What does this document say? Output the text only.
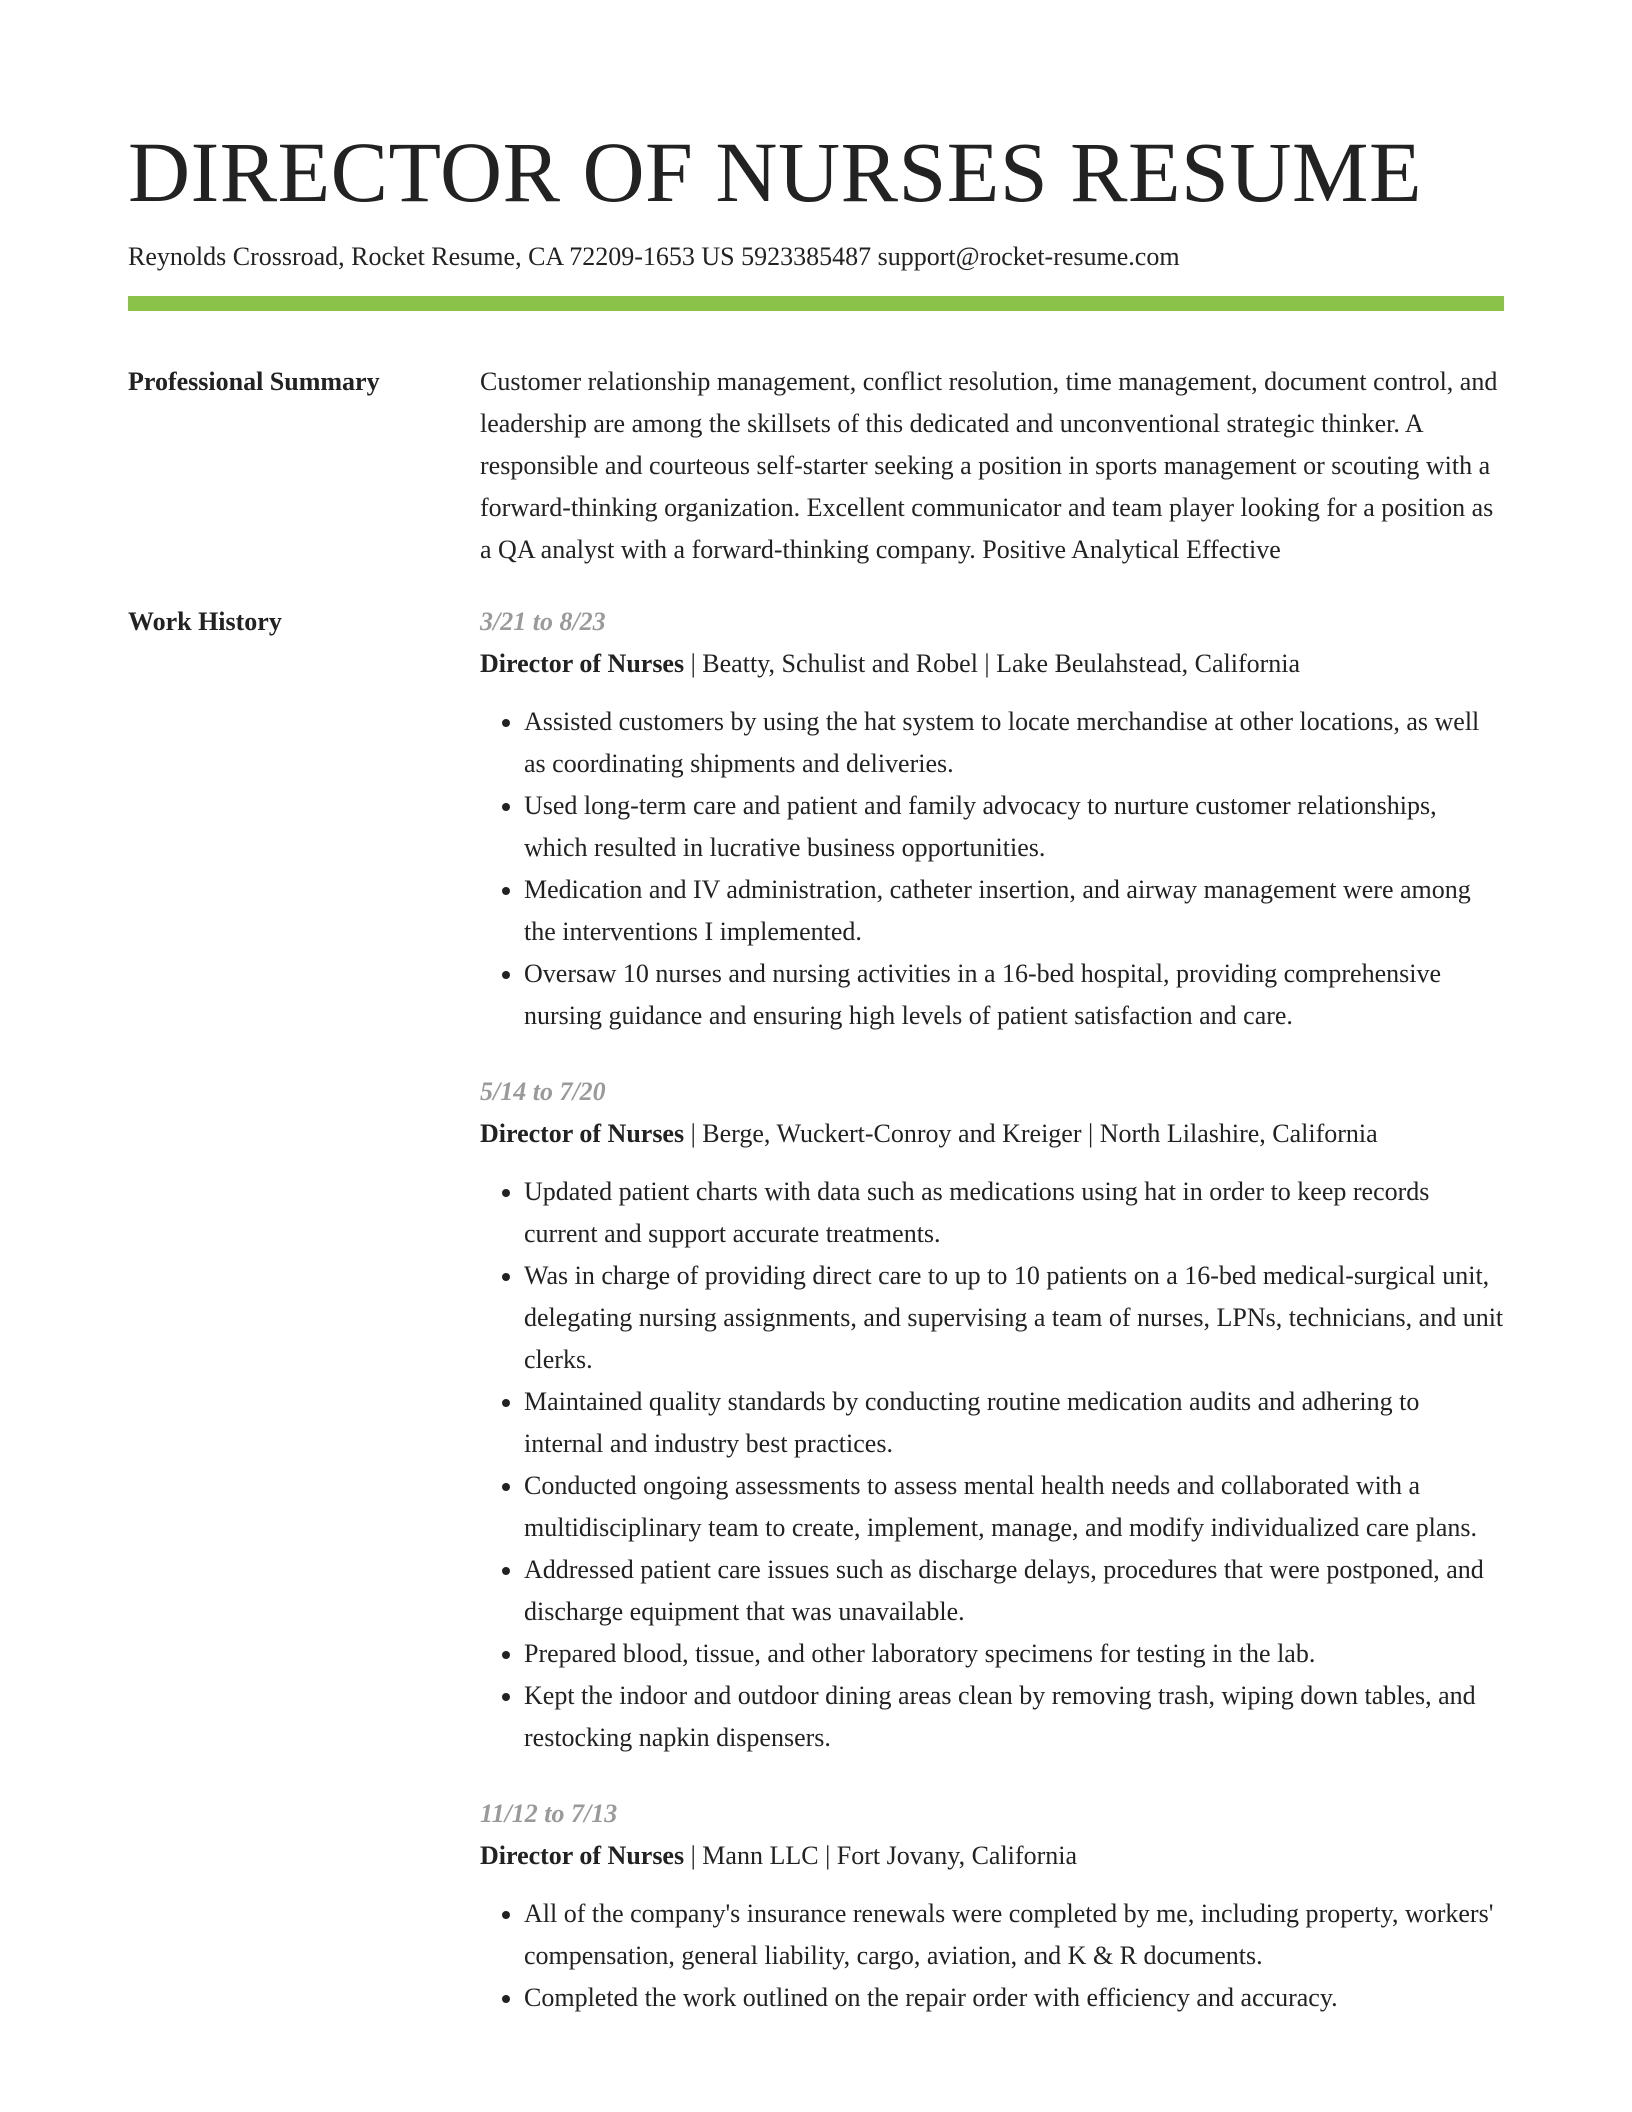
DIRECTOR OF NURSES RESUME
Reynolds Crossroad, Rocket Resume, CA 72209-1653 US 5923385487 support@rocket-resume.com
Professional Summary	Customer relationship management, conflict resolution, time management, document control, and leadership are among the skillsets of this dedicated and unconventional strategic thinker. A responsible and courteous self-starter seeking a position in sports management or scouting with a forward-thinking organization. Excellent communicator and team player looking for a position as a QA analyst with a forward-thinking company. Positive Analytical Effective

Work History	3/21 to 8/23
Director of Nurses | Beatty, Schulist and Robel | Lake Beulahstead, California
• Assisted customers by using the hat system to locate merchandise at other locations, as well as coordinating shipments and deliveries.
• Used long-term care and patient and family advocacy to nurture customer relationships, which resulted in lucrative business opportunities.
• Medication and IV administration, catheter insertion, and airway management were among the interventions I implemented.
• Oversaw 10 nurses and nursing activities in a 16-bed hospital, providing comprehensive nursing guidance and ensuring high levels of patient satisfaction and care.
5/14 to 7/20
Director of Nurses | Berge, Wuckert-Conroy and Kreiger | North Lilashire, California
• Updated patient charts with data such as medications using hat in order to keep records current and support accurate treatments.
• Was in charge of providing direct care to up to 10 patients on a 16-bed medical-surgical unit, delegating nursing assignments, and supervising a team of nurses, LPNs, technicians, and unit clerks.
• Maintained quality standards by conducting routine medication audits and adhering to internal and industry best practices.
• Conducted ongoing assessments to assess mental health needs and collaborated with a multidisciplinary team to create, implement, manage, and modify individualized care plans.
• Addressed patient care issues such as discharge delays, procedures that were postponed, and discharge equipment that was unavailable.
• Prepared blood, tissue, and other laboratory specimens for testing in the lab.
• Kept the indoor and outdoor dining areas clean by removing trash, wiping down tables, and restocking napkin dispensers.
11/12 to 7/13
Director of Nurses | Mann LLC | Fort Jovany, California
• All of the company's insurance renewals were completed by me, including property, workers' compensation, general liability, cargo, aviation, and K & R documents.
• Completed the work outlined on the repair order with efficiency and accuracy.
